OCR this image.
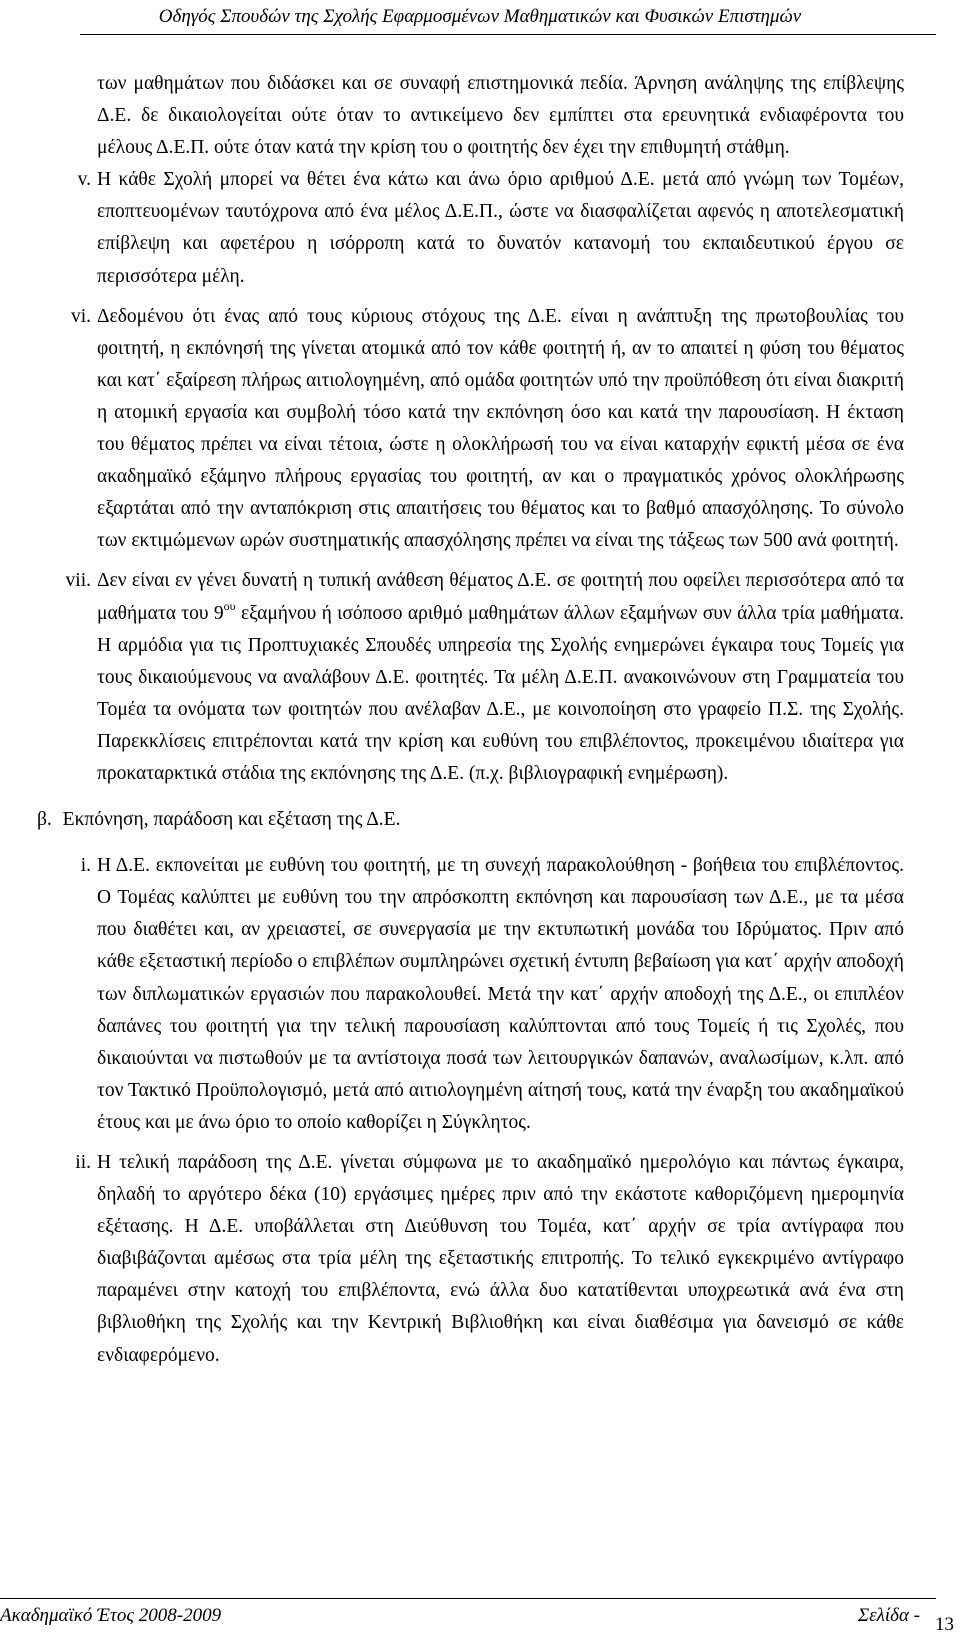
Οδηγός Σπουδών της Σχολής Εφαρμοσμένων Μαθηματικών και Φυσικών Επιστημών

των μαθημάτων που διδάσκει και σε συναφή επιστημονικά πεδία. Άρνηση ανάληψης της επίβλεψης Δ.Ε. δε δικαιολογείται ούτε όταν το αντικείμενο δεν εμπίπτει στα ερευνητικά ενδιαφέροντα του μέλους Δ.Ε.Π. ούτε όταν κατά την κρίση του ο φοιτητής δεν έχει την επιθυμητή στάθμη.

v. Η κάθε Σχολή μπορεί να θέτει ένα κάτω και άνω όριο αριθμού Δ.Ε. μετά από γνώμη των Τομέων, εποπτευομένων ταυτόχρονα από ένα μέλος Δ.Ε.Π., ώστε να διασφαλίζεται αφενός η αποτελεσματική επίβλεψη και αφετέρου η ισόρροπη κατά το δυνατόν κατανομή του εκπαιδευτικού έργου σε περισσότερα μέλη.
vi. Δεδομένου ότι ένας από τους κύριους στόχους της Δ.Ε. είναι η ανάπτυξη της πρωτοβουλίας του φοιτητή, η εκπόνησή της γίνεται ατομικά από τον κάθε φοιτητή ή, αν το απαιτεί η φύση του θέματος και κατ΄ εξαίρεση πλήρως αιτιολογημένη, από ομάδα φοιτητών υπό την προϋπόθεση ότι είναι διακριτή η ατομική εργασία και συμβολή τόσο κατά την εκπόνηση όσο και κατά την παρουσίαση. Η έκταση του θέματος πρέπει να είναι τέτοια, ώστε η ολοκλήρωσή του να είναι καταρχήν εφικτή μέσα σε ένα ακαδημαϊκό εξάμηνο πλήρους εργασίας του φοιτητή, αν και ο πραγματικός χρόνος ολοκλήρωσης εξαρτάται από την ανταπόκριση στις απαιτήσεις του θέματος και το βαθμό απασχόλησης. Το σύνολο των εκτιμώμενων ωρών συστηματικής απασχόλησης πρέπει να είναι της τάξεως των 500 ανά φοιτητή.
vii. Δεν είναι εν γένει δυνατή η τυπική ανάθεση θέματος Δ.Ε. σε φοιτητή που οφείλει περισσότερα από τα μαθήματα του $9^{o\upsilon}$ εξαμήνου ή ισόποσο αριθμό μαθημάτων άλλων εξαμήνων συν άλλα τρία μαθήματα. Η αρμόδια για τις Προπτυχιακές Σπουδές υπηρεσία της Σχολής ενημερώνει έγκαιρα τους Τομείς για τους δικαιούμενους να αναλάβουν Δ.Ε. φοιτητές. Τα μέλη Δ.Ε.Π. ανακοινώνουν στη Γραμματεία του Τομέα τα ονόματα των φοιτητών που ανέλαβαν Δ.Ε., με κοινοποίηση στο γραφείο Π.Σ. της Σχολής. Παρεκκλίσεις επιτρέπονται κατά την κρίση και ευθύνη του επιβλέποντος, προκειμένου ιδιαίτερα για προκαταρκτικά στάδια της εκπόνησης της Δ.Ε. (π.χ. βιβλιογραφική ενημέρωση).
β. Εκπόνηση, παράδοση και εξέταση της Δ.Ε.
i. Η Δ.Ε. εκπονείται με ευθύνη του φοιτητή, με τη συνεχή παρακολούθηση - βοήθεια του επιβλέποντος. Ο Τομέας καλύπτει με ευθύνη του την απρόσκοπτη εκπόνηση και παρουσίαση των Δ.Ε., με τα μέσα που διαθέτει και, αν χρειαστεί, σε συνεργασία με την εκτυπωτική μονάδα του Ιδρύματος. Πριν από κάθε εξεταστική περίοδο ο επιβλέπων συμπληρώνει σχετική έντυπη βεβαίωση για κατ΄ αρχήν αποδοχή των διπλωματικών εργασιών που παρακολουθεί. Μετά την κατ΄ αρχήν αποδοχή της Δ.Ε., οι επιπλέον δαπάνες του φοιτητή για την τελική παρουσίαση καλύπτονται από τους Τομείς ή τις Σχολές, που δικαιούνται να πιστωθούν με τα αντίστοιχα ποσά των λειτουργικών δαπανών, αναλωσίμων, κ.λπ. από τον Τακτικό Προϋπολογισμό, μετά από αιτιολογημένη αίτησή τους, κατά την έναρξη του ακαδημαϊκού έτους και με άνω όριο το οποίο καθορίζει η Σύγκλητος.
ii. Η τελική παράδοση της Δ.Ε. γίνεται σύμφωνα με το ακαδημαϊκό ημερολόγιο και πάντως έγκαιρα, δηλαδή το αργότερο δέκα (10) εργάσιμες ημέρες πριν από την εκάστοτε καθοριζόμενη ημερομηνία εξέτασης. Η Δ.Ε. υποβάλλεται στη Διεύθυνση του Τομέα, κατ΄ αρχήν σε τρία αντίγραφα που διαβιβάζονται αμέσως στα τρία μέλη της εξεταστικής επιτροπής. Το τελικό εγκεκριμένο αντίγραφο παραμένει στην κατοχή του επιβλέποντα, ενώ άλλα δυο κατατίθενται υποχρεωτικά ανά ένα στη βιβλιοθήκη της Σχολής και την Κεντρική Βιβλιοθήκη και είναι διαθέσιμα για δανεισμό σε κάθε ενδιαφερόμενο.
Ακαδημαϊκό Έτος 2008-2009	Σελίδα - 13
